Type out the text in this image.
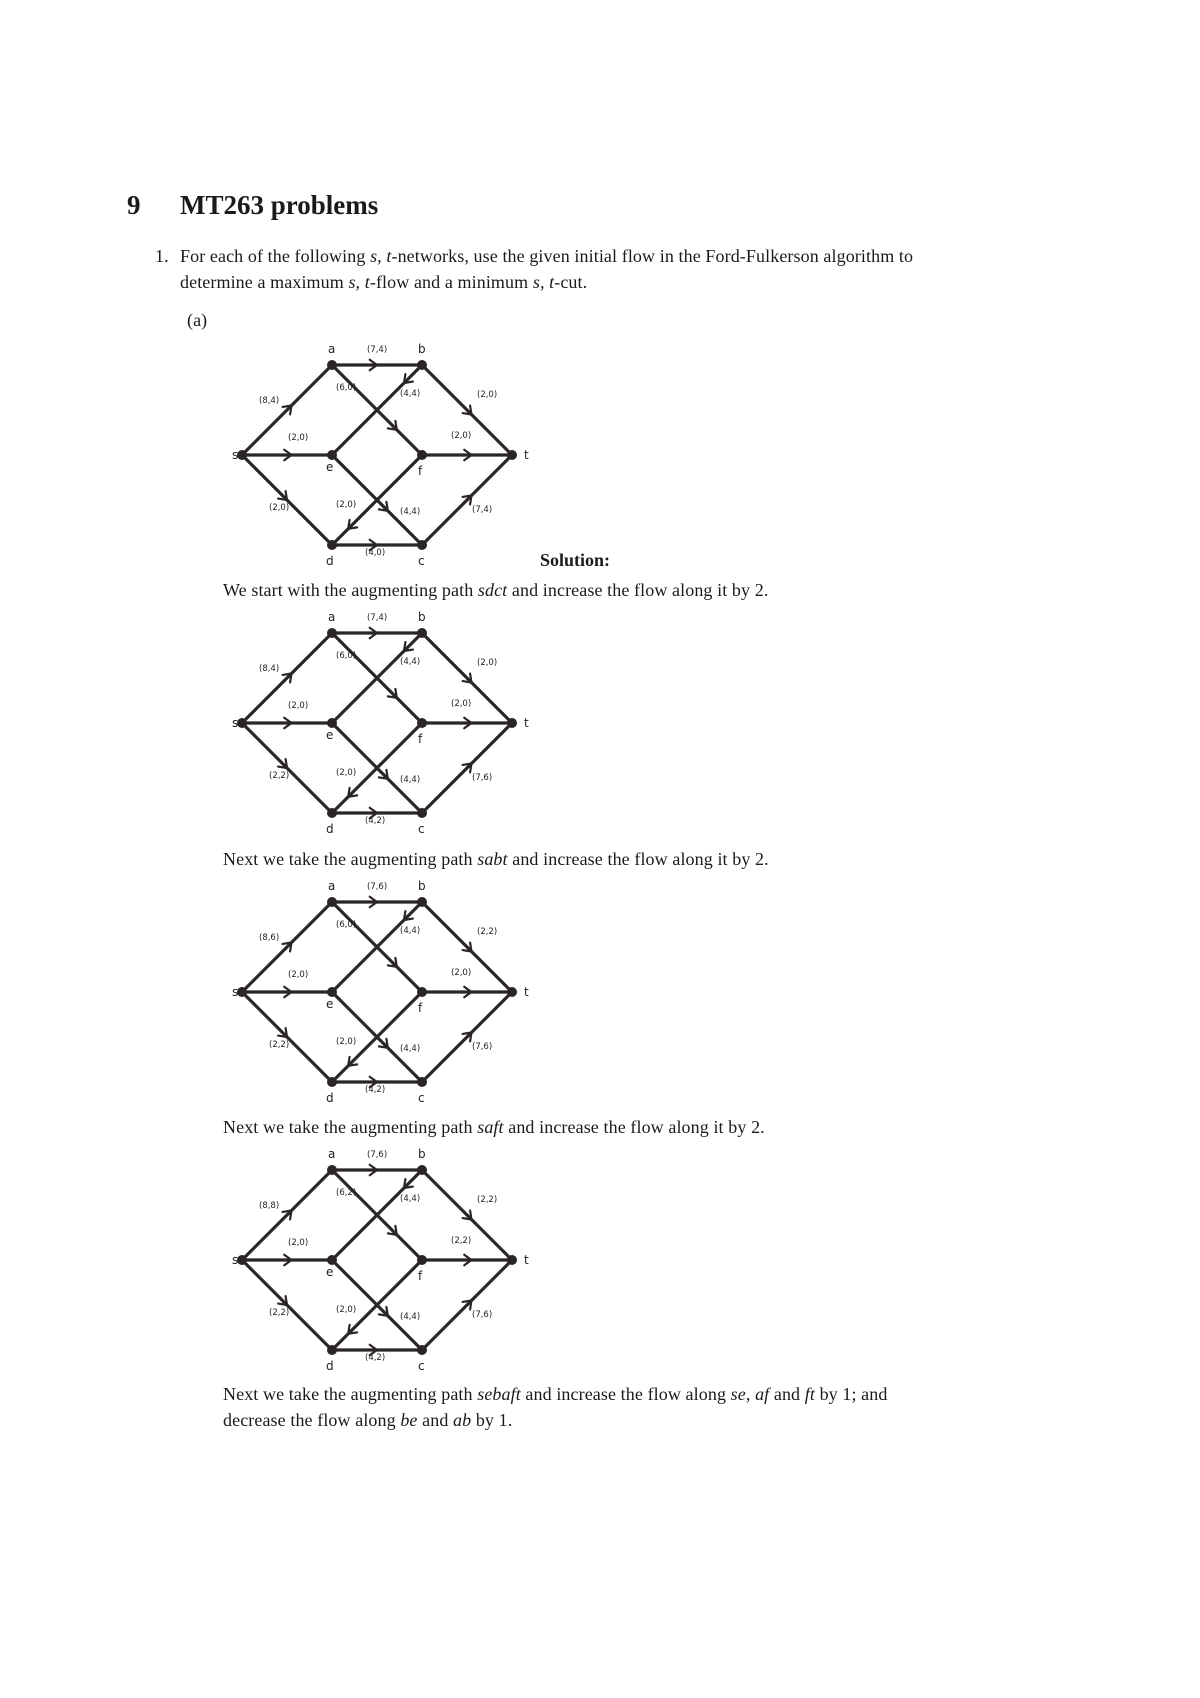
9 MT263 problems
1. For each of the following s, t-networks, use the given initial flow in the Ford-Fulkerson algorithm to
determine a maximum s, t-flow and a minimum s, t-cut.
(a)
(8,4)
(7,4)
(6,0)
(4,4)	(2,0)
(2,0)	(2,0)
(2,0)	(2,0)
(4,4)	(7,4)
(4,0)
s
a	b
t
e	f
d	c
(8,4)
(7,4)
(6,0)
(4,4)	(2,0)
(2,0)	(2,0)
(2,2)	(2,0)
(4,4)	(7,6)
(4,2)
s
a	b
t
e	f
d	c
(8,6)
(7,6)
(6,0)
(4,4)	(2,2)
(2,0)	(2,0)
(2,2)	(2,0)
(4,4)	(7,6)
(4,2)
s
a	b
t
e	f
d	c
(8,8)
(7,6)
(6,2)
(4,4)	(2,2)
(2,0)	(2,2)
(2,2)	(2,0)
(4,4)	(7,6)
(4,2)
s
a	b
t
e	f
d	c
Solution:
We start with the augmenting path sdct and increase the flow along it by 2.
Next we take the augmenting path sabt and increase the flow along it by 2.
Next we take the augmenting path saft and increase the flow along it by 2.
Next we take the augmenting path sebaft and increase the flow along se, af and ft by 1; and
decrease the flow along be and ab by 1.
